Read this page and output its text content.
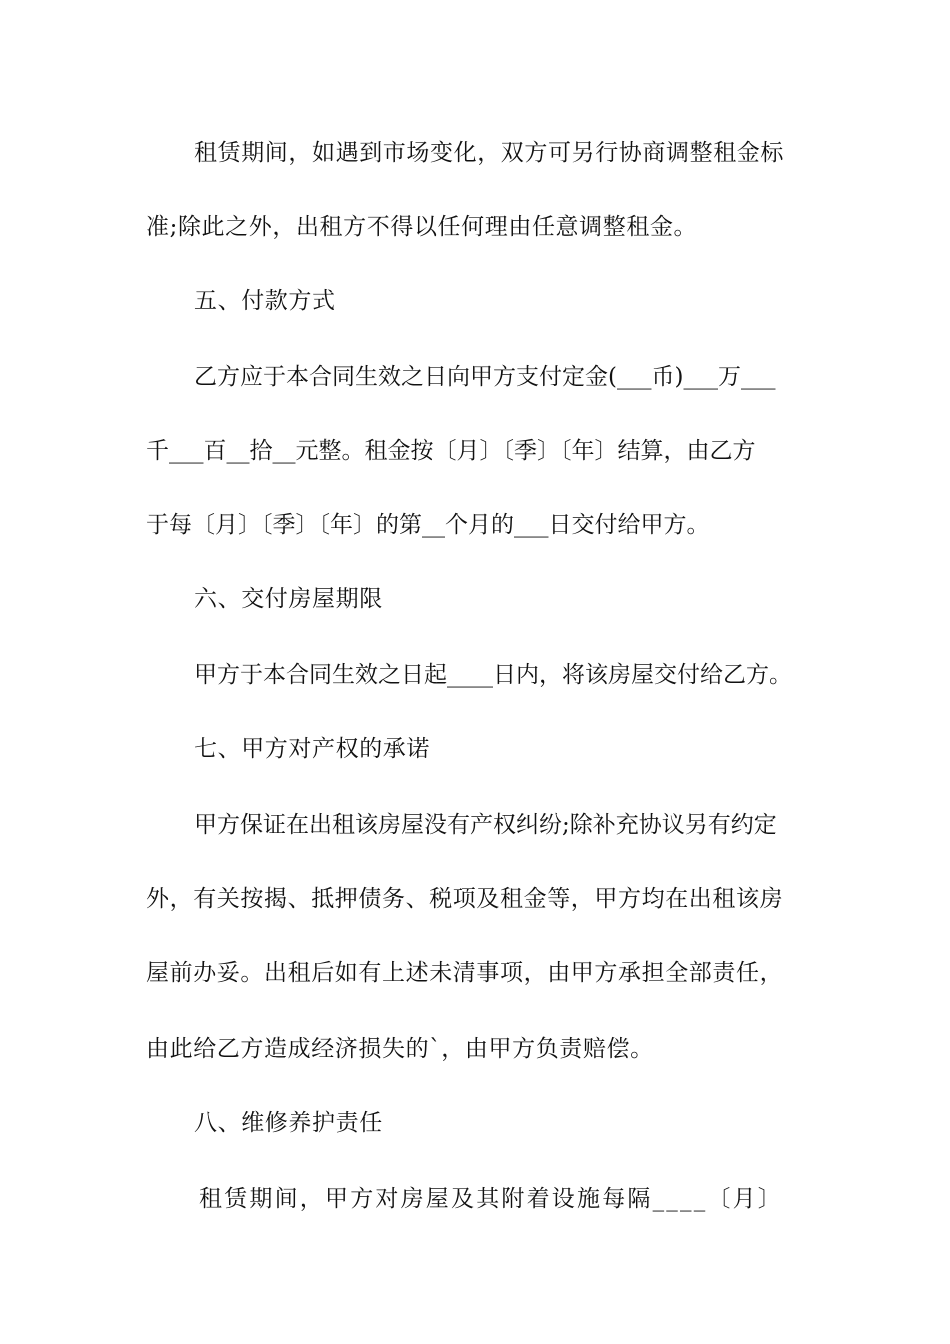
租赁期间，如遇到市场变化，双方可另行协商调整租金标
准;除此之外，出租方不得以任何理由任意调整租金。
五、付款方式
乙方应于本合同生效之日向甲方支付定金(___币)___万___
千___百__拾__元整。租金按〔月〕〔季〕〔年〕结算，由乙方
于每〔月〕〔季〕〔年〕的第__个月的___日交付给甲方。
六、交付房屋期限
甲方于本合同生效之日起____日内，将该房屋交付给乙方。
七、甲方对产权的承诺
甲方保证在出租该房屋没有产权纠纷;除补充协议另有约定
外，有关按揭、抵押债务、税项及租金等，甲方均在出租该房
屋前办妥。出租后如有上述未清事项，由甲方承担全部责任，
由此给乙方造成经济损失的`，由甲方负责赔偿。
八、维修养护责任
租赁期间，甲方对房屋及其附着设施每隔____〔月〕
